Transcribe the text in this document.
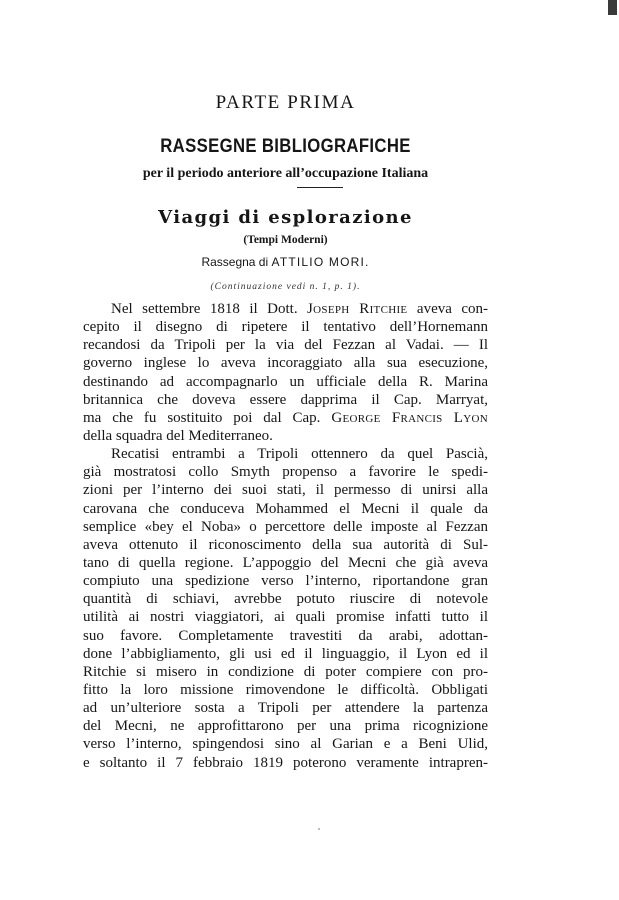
PARTE PRIMA
RASSEGNE BIBLIOGRAFICHE
per il periodo anteriore all’occupazione Italiana
Viaggi di esplorazione
(Tempi Moderni)
Rassegna di ATTILIO MORI.
(Continuazione vedi n. 1, p. 1).
Nel settembre 1818 il Dott. Joseph Ritchie aveva con-
cepito il disegno di ripetere il tentativo dell’Hornemann
recandosi da Tripoli per la via del Fezzan al Vadai. — Il
governo inglese lo aveva incoraggiato alla sua esecuzione,
destinando ad accompagnarlo un ufficiale della R. Marina
britannica che doveva essere dapprima il Cap. Marryat,
ma che fu sostituito poi dal Cap. George Francis Lyon
della squadra del Mediterraneo.
Recatisi entrambi a Tripoli ottennero da quel Pascià,
già mostratosi collo Smyth propenso a favorire le spedi-
zioni per l’interno dei suoi stati, il permesso di unirsi alla
carovana che conduceva Mohammed el Mecni il quale da
semplice «bey el Noba» o percettore delle imposte al Fezzan
aveva ottenuto il riconoscimento della sua autorità di Sul-
tano di quella regione. L’appoggio del Mecni che già aveva
compiuto una spedizione verso l’interno, riportandone gran
quantità di schiavi, avrebbe potuto riuscire di notevole
utilità ai nostri viaggiatori, ai quali promise infatti tutto il
suo favore. Completamente travestiti da arabi, adottan-
done l’abbigliamento, gli usi ed il linguaggio, il Lyon ed il
Ritchie si misero in condizione di poter compiere con pro-
fitto la loro missione rimovendone le difficoltà. Obbligati
ad un’ulteriore sosta a Tripoli per attendere la partenza
del Mecni, ne approfittarono per una prima ricognizione
verso l’interno, spingendosi sino al Garian e a Beni Ulid,
e soltanto il 7 febbraio 1819 poterono veramente intrapren-
